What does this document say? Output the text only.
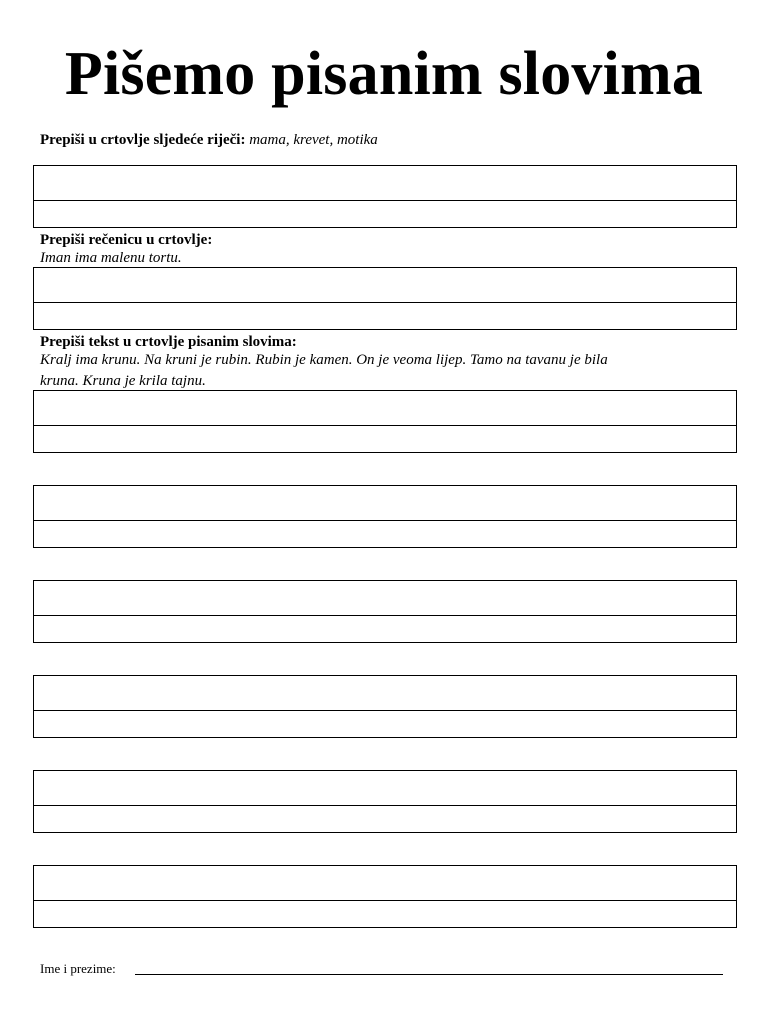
Pišemo pisanim slovima
Prepiši u crtovlje sljedeće riječi: mama, krevet, motika
Prepiši rečenicu u crtovlje:
Iman ima malenu tortu.
Prepiši tekst u crtovlje pisanim slovima:
Kralj ima krunu. Na kruni je rubin. Rubin je kamen. On je veoma lijep. Tamo na tavanu je bila
kruna. Kruna je krila tajnu.
Ime i prezime:
